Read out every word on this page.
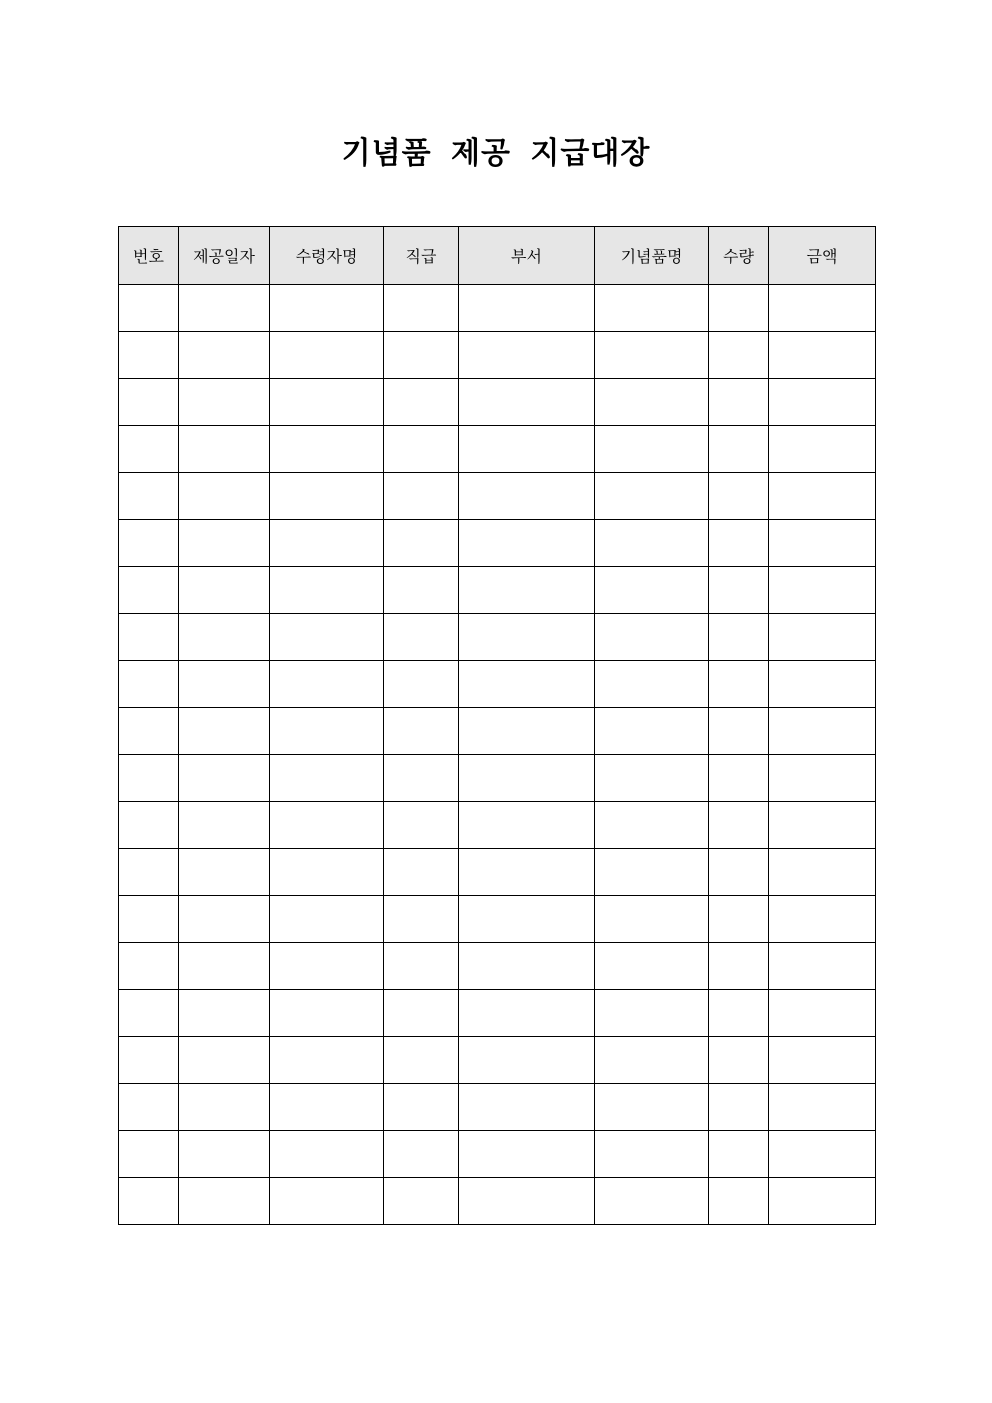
기념품 제공 지급대장
번호	제공일자	수령자명	직급	부서	기념품명	수량	금액
